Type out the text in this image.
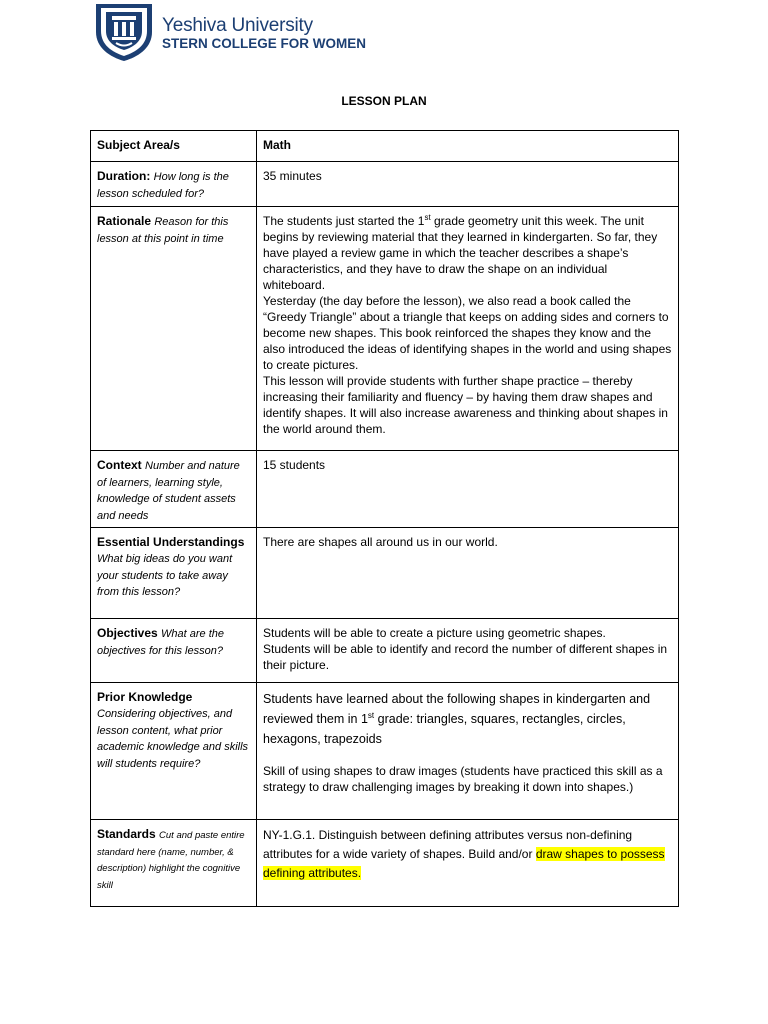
Yeshiva University
STERN COLLEGE FOR WOMEN
LESSON PLAN
Subject Area/s	Math
Duration: How long is the lesson scheduled for?	35 minutes
Rationale Reason for this lesson at this point in time	The students just started the 1st grade geometry unit this week. The unit begins by reviewing material that they learned in kindergarten. So far, they have played a review game in which the teacher describes a shape’s characteristics, and they have to draw the shape on an individual whiteboard.
Yesterday (the day before the lesson), we also read a book called the “Greedy Triangle” about a triangle that keeps on adding sides and corners to become new shapes. This book reinforced the shapes they know and the also introduced the ideas of identifying shapes in the world and using shapes to create pictures.
This lesson will provide students with further shape practice – thereby increasing their familiarity and fluency – by having them draw shapes and identify shapes. It will also increase awareness and thinking about shapes in the world around them.

Context Number and nature of learners, learning style, knowledge of student assets and needs	15 students
Essential Understandings What big ideas do you want your students to take away from this lesson?	There are shapes all around us in our world.
Objectives What are the objectives for this lesson?	Students will be able to create a picture using geometric shapes.
Students will be able to identify and record the number of different shapes in their picture.

Prior Knowledge
Considering objectives, and lesson content, what prior academic knowledge and skills will students require?	Students have learned about the following shapes in kindergarten and reviewed them in 1st grade: triangles, squares, rectangles, circles, hexagons, trapezoids
Skill of using shapes to draw images (students have practiced this skill as a strategy to draw challenging images by breaking it down into shapes.)

Standards Cut and paste entire standard here (name, number, & description) highlight the cognitive skill	NY-1.G.1. Distinguish between defining attributes versus non-defining attributes for a wide variety of shapes. Build and/or draw shapes to possess defining attributes.
